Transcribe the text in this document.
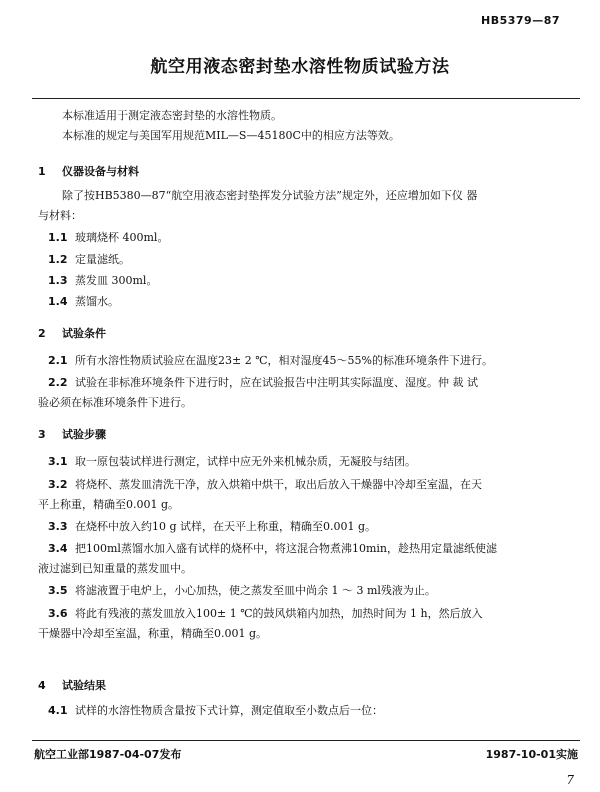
HB5379—87
航空用液态密封垫水溶性物质试验方法
本标准适用于测定液态密封垫的水溶性物质。
本标准的规定与美国军用规范MIL—S—45180C中的相应方法等效。
1 仪器设备与材料
除了按HB5380—87“航空用液态密封垫挥发分试验方法”规定外，还应增加如下仪 器
与材料：
1.1 玻璃烧杯 400ml。
1.2 定量滤纸。
1.3 蒸发皿 300ml。
1.4 蒸馏水。
2 试验条件
2.1 所有水溶性物质试验应在温度23± 2 ℃，相对湿度45～55%的标准环境条件下进行。
2.2 试验在非标准环境条件下进行时，应在试验报告中注明其实际温度、湿度。仲 裁 试
验必须在标准环境条件下进行。
3 试验步骤
3.1 取一原包装试样进行测定，试样中应无外来机械杂质，无凝胶与结团。
3.2 将烧杯、蒸发皿清洗干净，放入烘箱中烘干，取出后放入干燥器中冷却至室温，在天
平上称重，精确至0.001 g。
3.3 在烧杯中放入约10 g 试样，在天平上称重，精确至0.001 g。
3.4 把100ml蒸馏水加入盛有试样的烧杯中，将这混合物煮沸10min，趁热用定量滤纸使滤
液过滤到已知重量的蒸发皿中。
3.5 将滤液置于电炉上，小心加热，使之蒸发至皿中尚余 1 ～ 3 ml残液为止。
3.6 将此有残液的蒸发皿放入100± 1 ℃的鼓风烘箱内加热，加热时间为 1 h，然后放入
干燥器中冷却至室温，称重，精确至0.001 g。
4 试验结果
4.1 试样的水溶性物质含量按下式计算，测定值取至小数点后一位：
航空工业部1987-04-07发布	1987-10-01实施
7
